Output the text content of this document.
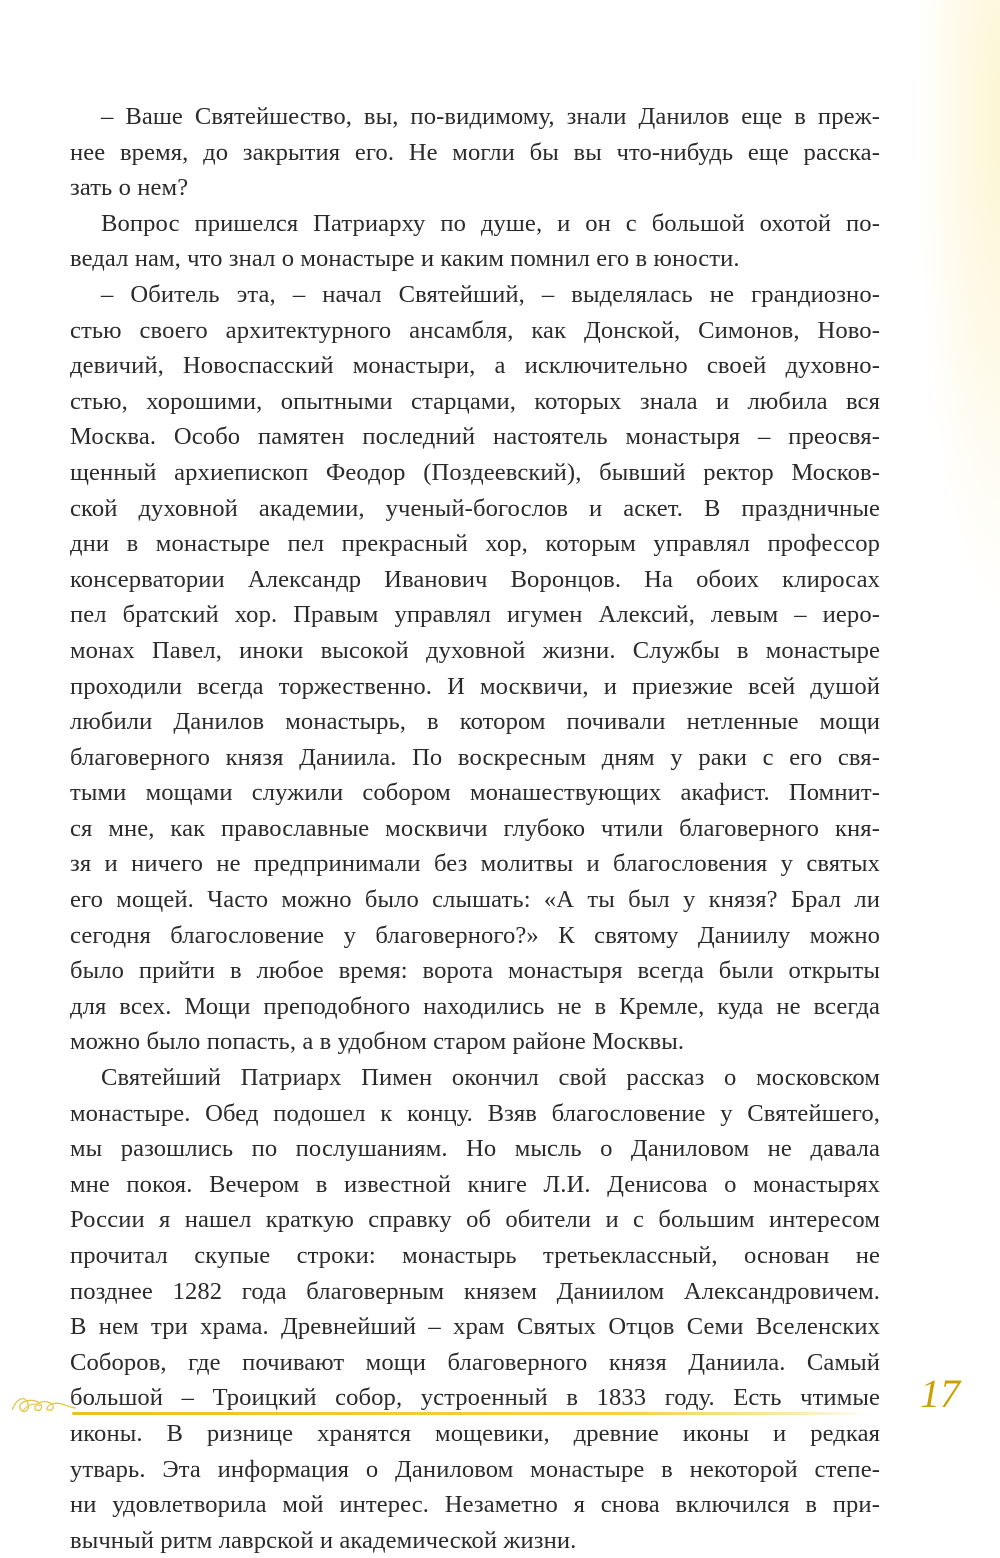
– Ваше Святейшество, вы, по-видимому, знали Данилов еще в преж-
нее время, до закрытия его. Не могли бы вы что-нибудь еще расска-
зать о нем?
Вопрос пришелся Патриарху по душе, и он с большой охотой по-
ведал нам, что знал о монастыре и каким помнил его в юности.
– Обитель эта, – начал Святейший, – выделялась не грандиозно-
стью своего архитектурного ансамбля, как Донской, Симонов, Ново-
девичий, Новоспасский монастыри, а исключительно своей духовно-
стью, хорошими, опытными старцами, которых знала и любила вся
Москва. Особо памятен последний настоятель монастыря – преосвя-
щенный архиепископ Феодор (Поздеевский), бывший ректор Москов-
ской духовной академии, ученый-богослов и аскет. В праздничные
дни в монастыре пел прекрасный хор, которым управлял профессор
консерватории Александр Иванович Воронцов. На обоих клиросах
пел братский хор. Правым управлял игумен Алексий, левым – иеро-
монах Павел, иноки высокой духовной жизни. Службы в монастыре
проходили всегда торжественно. И москвичи, и приезжие всей душой
любили Данилов монастырь, в котором почивали нетленные мощи
благоверного князя Даниила. По воскресным дням у раки с его свя-
тыми мощами служили собором монашествующих акафист. Помнит-
ся мне, как православные москвичи глубоко чтили благоверного кня-
зя и ничего не предпринимали без молитвы и благословения у святых
его мощей. Часто можно было слышать: «А ты был у князя? Брал ли
сегодня благословение у благоверного?» К святому Даниилу можно
было прийти в любое время: ворота монастыря всегда были открыты
для всех. Мощи преподобного находились не в Кремле, куда не всегда
можно было попасть, а в удобном старом районе Москвы.
Святейший Патриарх Пимен окончил свой рассказ о московском
монастыре. Обед подошел к концу. Взяв благословение у Святейшего,
мы разошлись по послушаниям. Но мысль о Даниловом не давала
мне покоя. Вечером в известной книге Л.И. Денисова о монастырях
России я нашел краткую справку об обители и с большим интересом
прочитал скупые строки: монастырь третьеклассный, основан не
позднее 1282 года благоверным князем Даниилом Александровичем.
В нем три храма. Древнейший – храм Святых Отцов Семи Вселенских
Соборов, где почивают мощи благоверного князя Даниила. Самый
большой – Троицкий собор, устроенный в 1833 году. Есть чтимые
иконы. В ризнице хранятся мощевики, древние иконы и редкая
утварь. Эта информация о Даниловом монастыре в некоторой степе-
ни удовлетворила мой интерес. Незаметно я снова включился в при-
вычный ритм лаврской и академической жизни.
17
